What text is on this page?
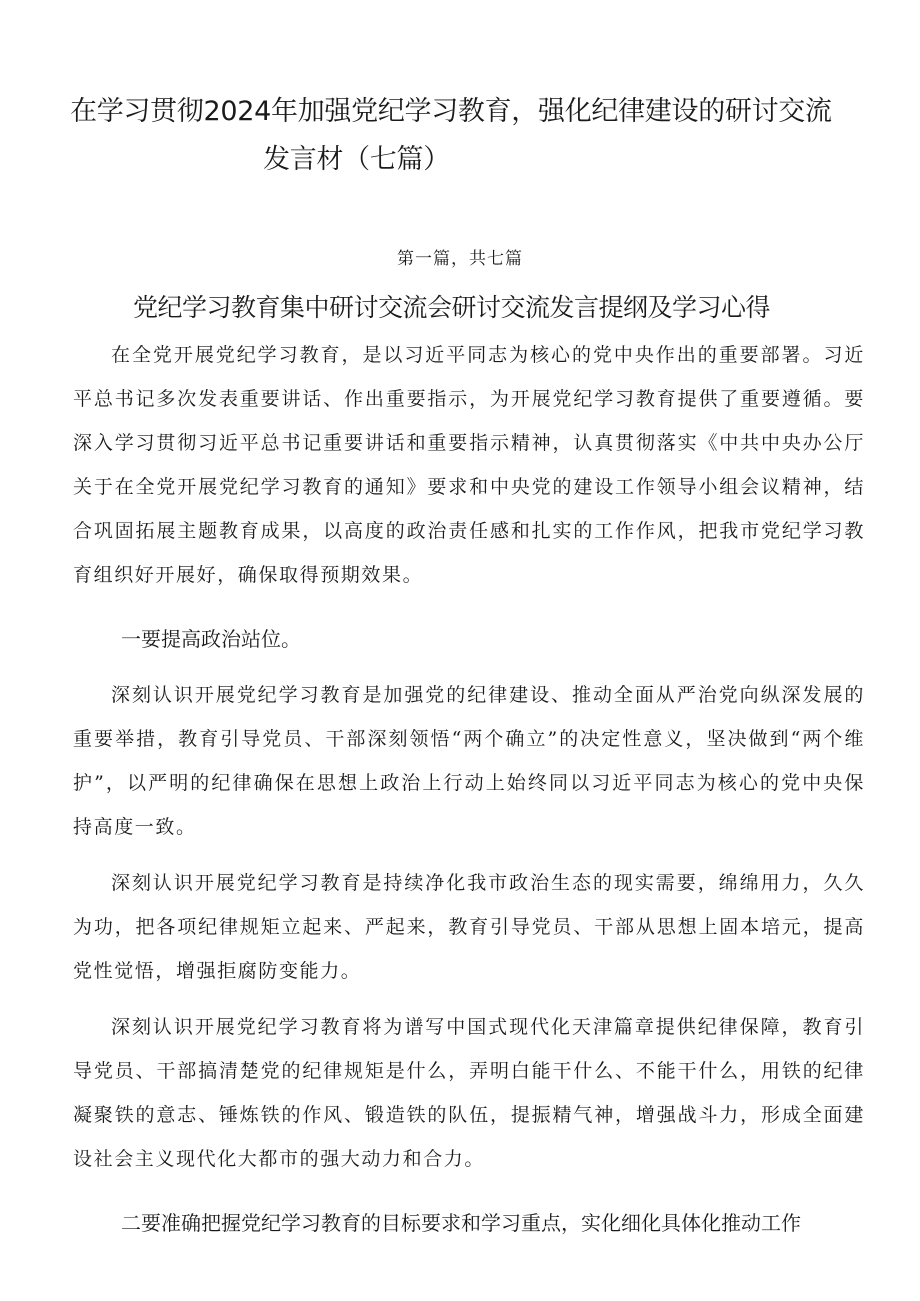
在学习贯彻2024年加强党纪学习教育，强化纪律建设的研讨交流
发言材（七篇）
第一篇，共七篇
党纪学习教育集中研讨交流会研讨交流发言提纲及学习心得

在全党开展党纪学习教育，是以习近平同志为核心的党中央作出的重要部署。习近平总书记多次发表重要讲话、作出重要指示，为开展党纪学习教育提供了重要遵循。要深入学习贯彻习近平总书记重要讲话和重要指示精神，认真贯彻落实《中共中央办公厅关于在全党开展党纪学习教育的通知》要求和中央党的建设工作领导小组会议精神，结合巩固拓展主题教育成果，以高度的政治责任感和扎实的工作作风，把我市党纪学习教育组织好开展好，确保取得预期效果。

一要提高政治站位。

深刻认识开展党纪学习教育是加强党的纪律建设、推动全面从严治党向纵深发展的重要举措，教育引导党员、干部深刻领悟“两个确立”的决定性意义，坚决做到“两个维护”，以严明的纪律确保在思想上政治上行动上始终同以习近平同志为核心的党中央保持高度一致。

深刻认识开展党纪学习教育是持续净化我市政治生态的现实需要，绵绵用力，久久为功，把各项纪律规矩立起来、严起来，教育引导党员、干部从思想上固本培元，提高党性觉悟，增强拒腐防变能力。

深刻认识开展党纪学习教育将为谱写中国式现代化天津篇章提供纪律保障，教育引导党员、干部搞清楚党的纪律规矩是什么，弄明白能干什么、不能干什么，用铁的纪律凝聚铁的意志、锤炼铁的作风、锻造铁的队伍，提振精气神，增强战斗力，形成全面建设社会主义现代化大都市的强大动力和合力。

二要准确把握党纪学习教育的目标要求和学习重点，实化细化具体化推动工作
